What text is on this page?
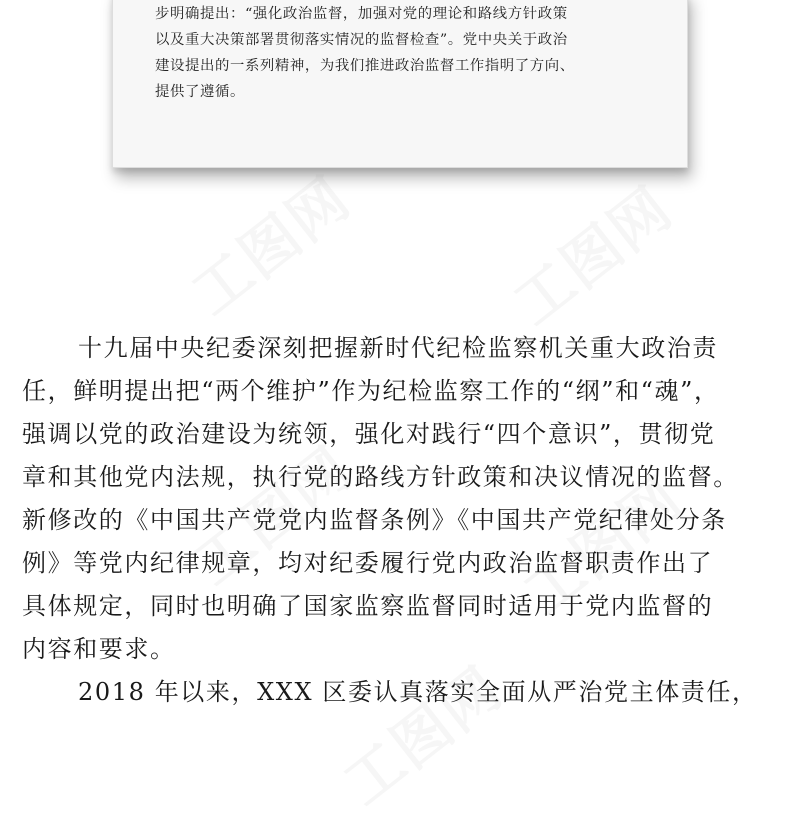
工图网 工图网
工图网	工图网
工图网
步明确提出：“强化政治监督，加强对党的理论和路线方针政策
以及重大决策部署贯彻落实情况的监督检查”。党中央关于政治
建设提出的一系列精神，为我们推进政治监督工作指明了方向、
提供了遵循。
十九届中央纪委深刻把握新时代纪检监察机关重大政治责
任，鲜明提出把“两个维护”作为纪检监察工作的“纲”和“魂”，
强调以党的政治建设为统领，强化对践行“四个意识”，贯彻党
章和其他党内法规，执行党的路线方针政策和决议情况的监督。
新修改的《中国共产党党内监督条例》《中国共产党纪律处分条
例》等党内纪律规章，均对纪委履行党内政治监督职责作出了
具体规定，同时也明确了国家监察监督同时适用于党内监督的
内容和要求。
2018 年以来，XXX 区委认真落实全面从严治党主体责任，
